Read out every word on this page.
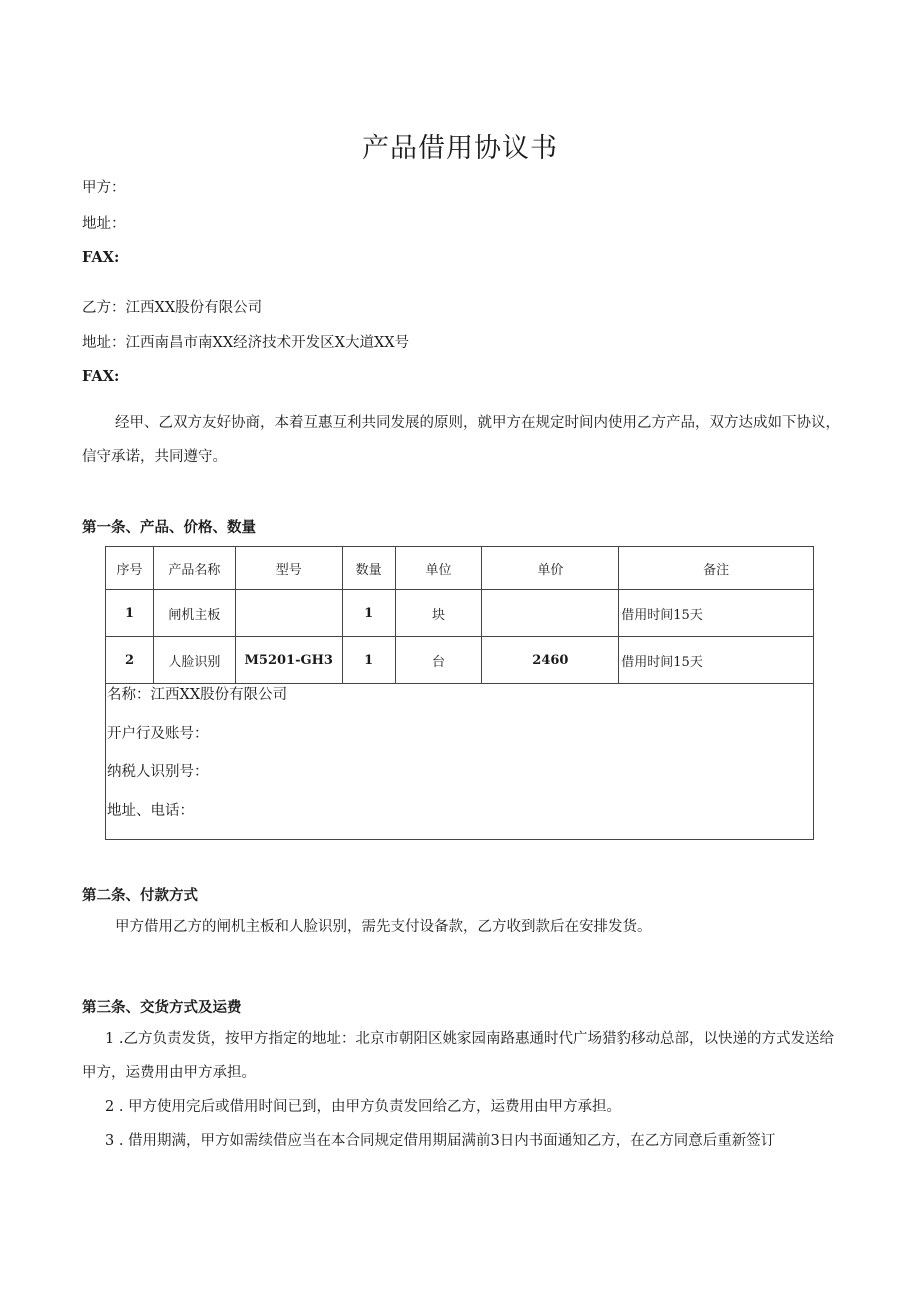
产品借用协议书
甲方：
地址：
FAX:
乙方：江西XX股份有限公司
地址：江西南昌市南XX经济技术开发区X大道XX号
FAX:
经甲、乙双方友好协商，本着互惠互利共同发展的原则，就甲方在规定时间内使用乙方产品，双方达成如下协议，信守承诺，共同遵守。
第一条、产品、价格、数量
序号	产品名称	型号	数量	单位	单价	备注
1	闸机主板		1	块		借用时间15天
2	人脸识别	M5201-GH3	1	台	2460	借用时间15天

名称：江西XX股份有限公司
开户行及账号：
纳税人识别号：
地址、电话：						
第二条、付款方式
甲方借用乙方的闸机主板和人脸识别，需先支付设备款，乙方收到款后在安排发货。
第三条、交货方式及运费
1 .乙方负责发货，按甲方指定的地址：北京市朝阳区姚家园南路惠通时代广场猎豹移动总部，以快递的方式发送给甲方，运费用由甲方承担。
2 . 甲方使用完后或借用时间已到，由甲方负责发回给乙方，运费用由甲方承担。
3 . 借用期满，甲方如需续借应当在本合同规定借用期届满前3日内书面通知乙方，在乙方同意后重新签订
